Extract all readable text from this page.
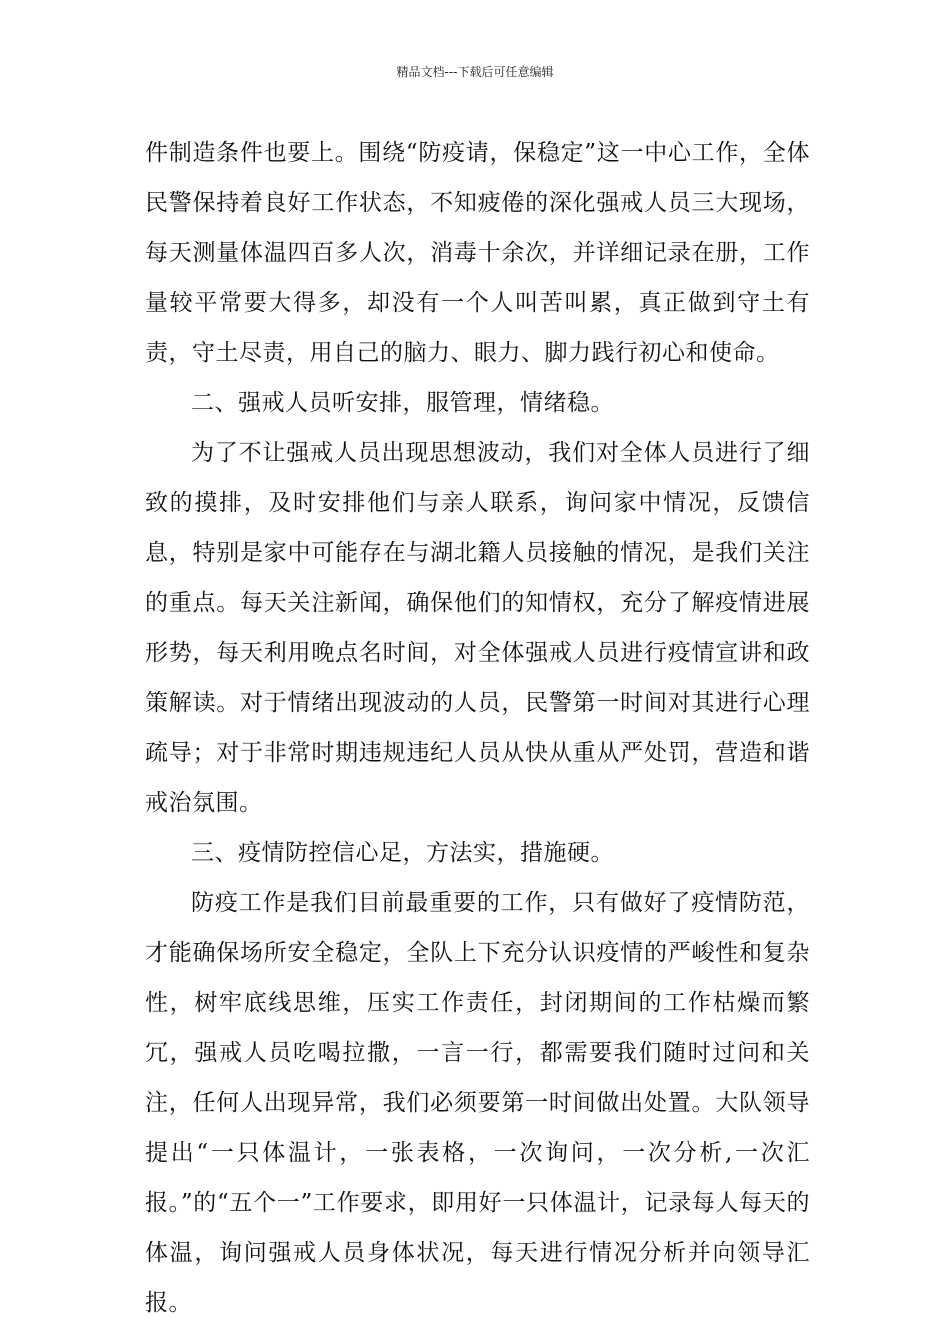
精品文档---下载后可任意编辑

件制造条件也要上。围绕“防疫请，保稳定”这一中心工作，全体民警保持着良好工作状态，不知疲倦的深化强戒人员三大现场，每天测量体温四百多人次，消毒十余次，并详细记录在册，工作量较平常要大得多，却没有一个人叫苦叫累，真正做到守土有责，守土尽责，用自己的脑力、眼力、脚力践行初心和使命。

二、强戒人员听安排，服管理，情绪稳。

为了不让强戒人员出现思想波动，我们对全体人员进行了细致的摸排，及时安排他们与亲人联系，询问家中情况，反馈信息，特别是家中可能存在与湖北籍人员接触的情况，是我们关注的重点。每天关注新闻，确保他们的知情权，充分了解疫情进展形势，每天利用晚点名时间，对全体强戒人员进行疫情宣讲和政策解读。对于情绪出现波动的人员，民警第一时间对其进行心理疏导；对于非常时期违规违纪人员从快从重从严处罚，营造和谐戒治氛围。

三、疫情防控信心足，方法实，措施硬。

防疫工作是我们目前最重要的工作，只有做好了疫情防范，才能确保场所安全稳定，全队上下充分认识疫情的严峻性和复杂性，树牢底线思维，压实工作责任，封闭期间的工作枯燥而繁冗，强戒人员吃喝拉撒，一言一行，都需要我们随时过问和关注，任何人出现异常，我们必须要第一时间做出处置。大队领导提出“一只体温计，一张表格，一次询问，一次分析,一次汇报。”的“五个一”工作要求，即用好一只体温计，记录每人每天的体温，询问强戒人员身体状况，每天进行情况分析并向领导汇报。
